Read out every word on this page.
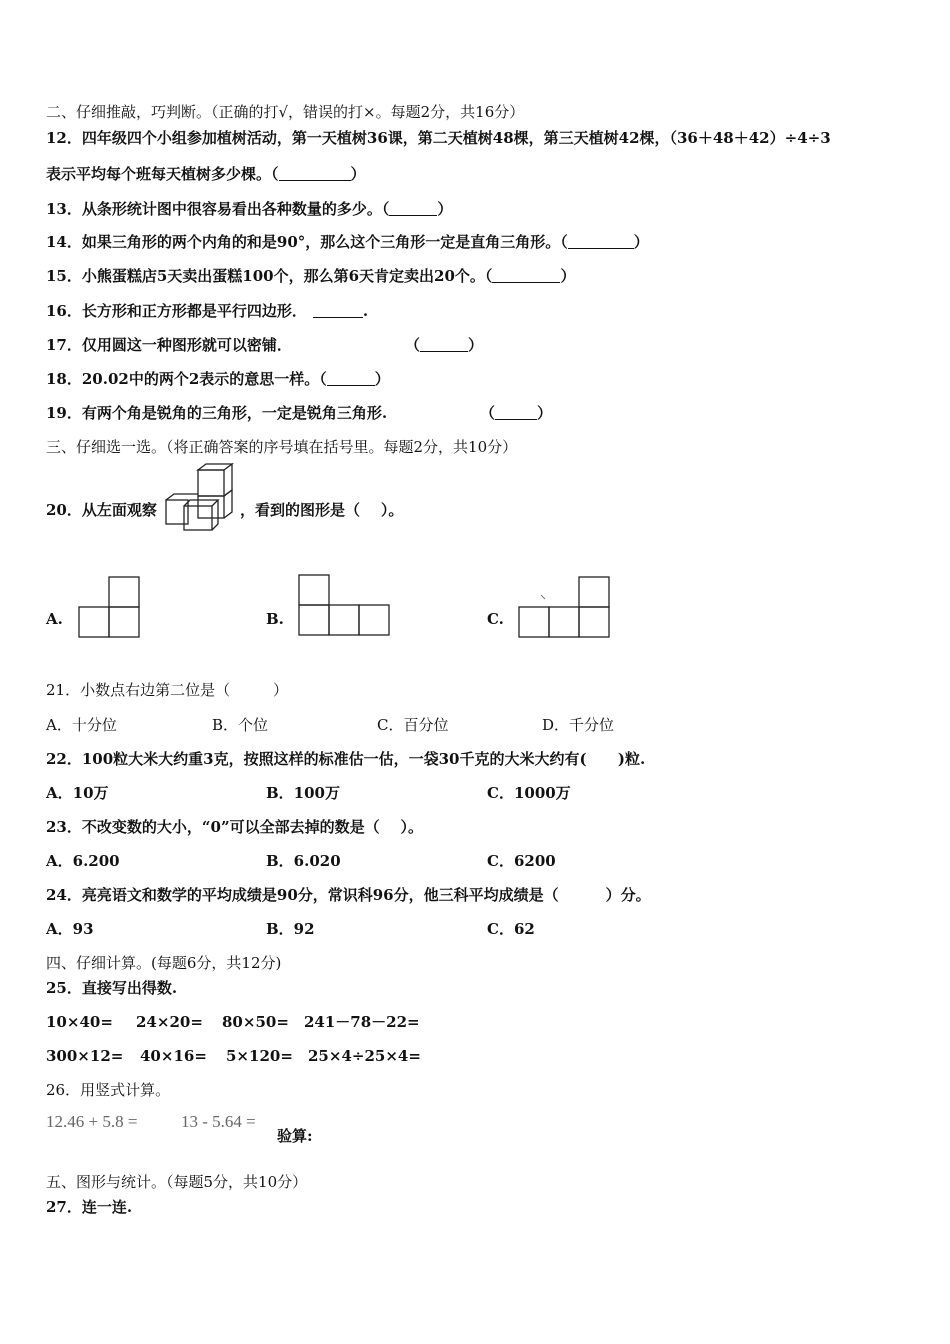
二、仔细推敲，巧判断。（正确的打√，错误的打×。每题2分，共16分）
12．四年级四个小组参加植树活动，第一天植树36课，第二天植树48棵，第三天植树42棵，（36＋48＋42）÷4÷3
表示平均每个班每天植树多少棵。（	）
13．从条形统计图中很容易看出各种数量的多少。（	）
14．如果三角形的两个内角的和是90°，那么这个三角形一定是直角三角形。（	）
15．小熊蛋糕店5天卖出蛋糕100个，那么第6天肯定卖出20个。（	）
16．长方形和正方形都是平行四边形．	.
17．仅用圆这一种图形就可以密铺．	（	）
18．20.02中的两个2表示的意思一样。（	）
19．有两个角是锐角的三角形，一定是锐角三角形.	（	）
三、仔细选一选。（将正确答案的序号填在括号里。每题2分，共10分）
20．从左面观察	，看到的图形是（    ）。
A.	B.	C.
21．小数点右边第二位是（         ）
A．十分位	B．个位	C．百分位	D．千分位
22．100粒大米大约重3克，按照这样的标准估一估，一袋30千克的大米大约有(      )粒.
A．10万	B．100万	C．1000万
23．不改变数的大小，“0”可以全部去掉的数是（    ）。
A．6.200	B．6.020	C．6200
24．亮亮语文和数学的平均成绩是90分，常识科96分，他三科平均成绩是（         ）分。
A．93	B．92	C．62
四、仔细计算。(每题6分，共12分)
25．直接写出得数.
10×40= 24×20= 80×50= 241－78－22=
300×12= 40×16= 5×120= 25×4÷25×4=
26．用竖式计算。
12.46 + 5.8 =	13 - 5.64 =
验算:
五、图形与统计。（每题5分，共10分）
27．连一连.
